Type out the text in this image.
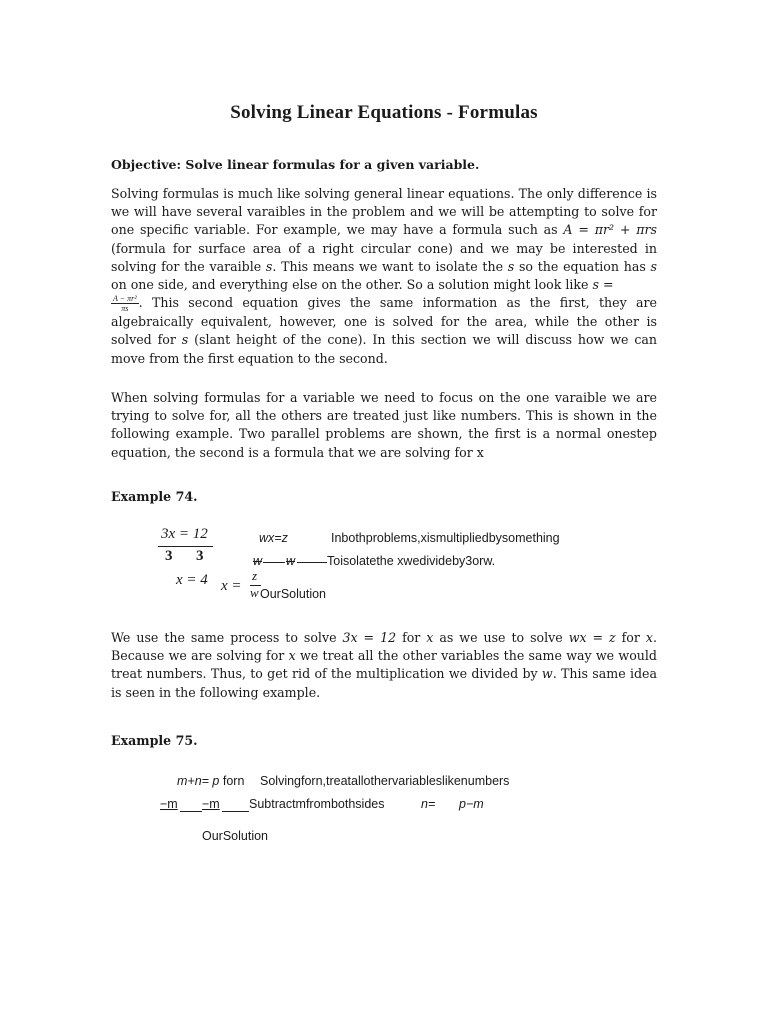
Solving Linear Equations - Formulas
Objective: Solve linear formulas for a given variable.
Solving formulas is much like solving general linear equations. The only difference is we will have several varaibles in the problem and we will be attempting to solve for one specific variable. For example, we may have a formula such as A = πr² + πrs (formula for surface area of a right circular cone) and we may be interested in solving for the varaible s. This means we want to isolate the s so the equation has s on one side, and everything else on the other. So a solution might look like s =

$\frac{\text{A − πr²}}{\pi s}$ . This second equation gives the same information as the first, they are algebraically equivalent, however, one is solved for the area, while the other is solved for s (slant height of the cone). In this section we will discuss how we can move from the first equation to the second.
When solving formulas for a variable we need to focus on the one varaible we are trying to solve for, all the others are treated just like numbers. This is shown in the following example. Two parallel problems are shown, the first is a normal onestep equation, the second is a formula that we are solving for x
Example 74.
3x = 12
3 3
x = 4
wx=z	Inbothproblems,xismultipliedbysomething
w w	Toisolatethe xwedivideby3orw.
x =
z
w OurSolution
We use the same process to solve 3x = 12 for x as we use to solve wx = z for x. Because we are solving for x we treat all the other variables the same way we would treat numbers. Thus, to get rid of the multiplication we divided by w. This same idea is seen in the following example.
Example 75.
m+n= p forn Solvingforn,treatallothervariableslikenumbers
−m −m Subtractmfrombothsides	n= p−m
OurSolution
